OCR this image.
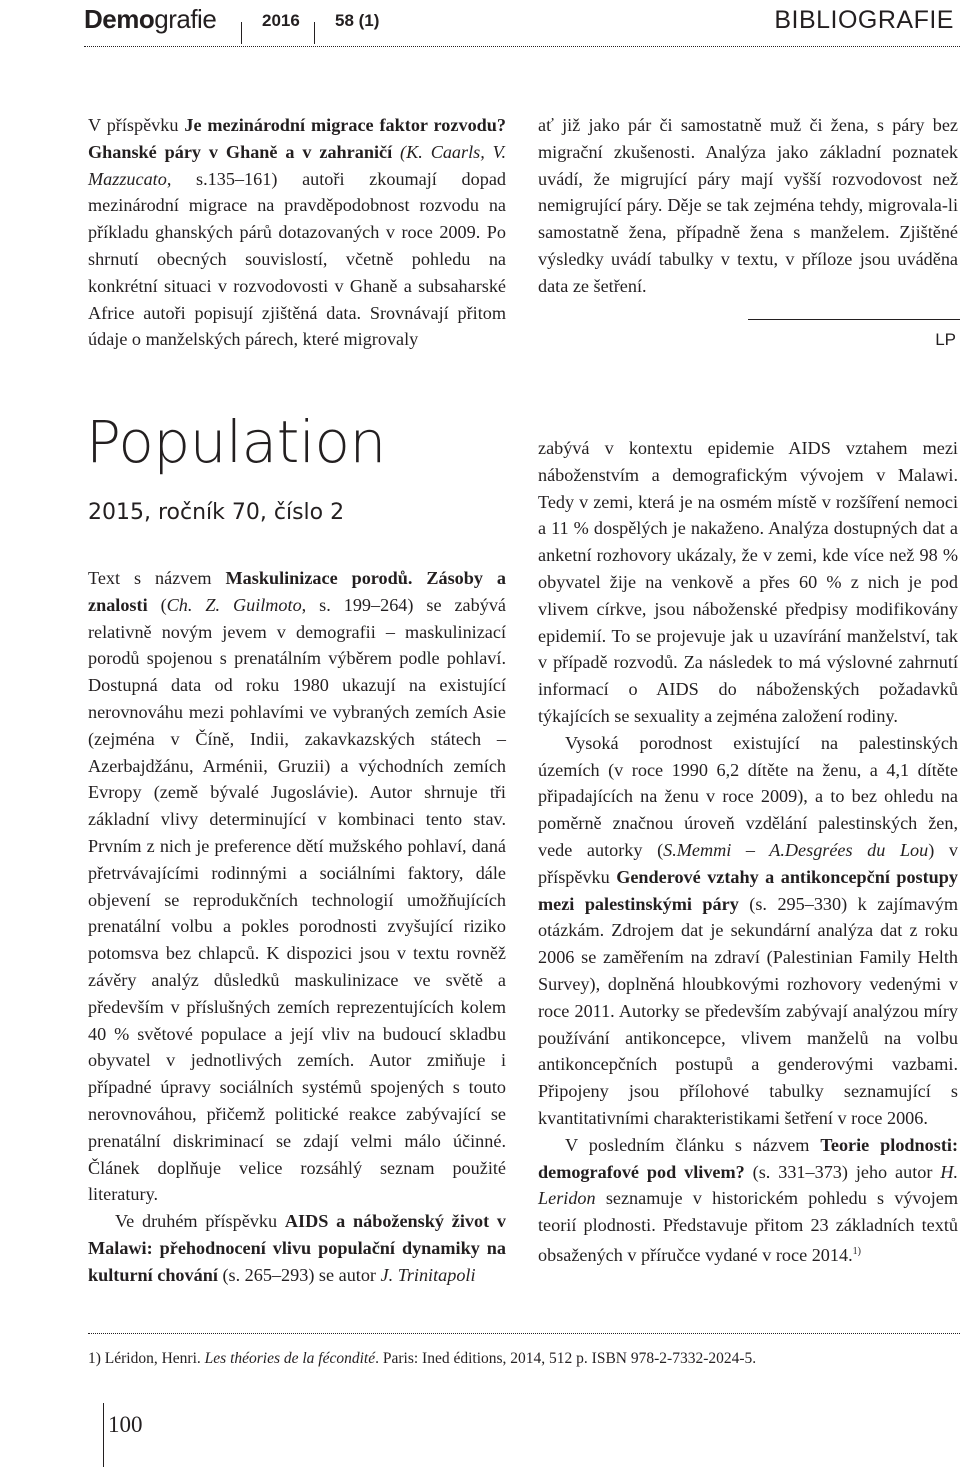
Demografie	2016 58 (1)	BIBLIOGRAFIE

V příspěvku Je mezinárodní migrace faktor rozvodu? Ghanské páry v Ghaně a v zahraničí (K. Caarls, V. Mazzucato, s.135–161) autoři zkoumají dopad mezinárodní migrace na pravděpodobnost rozvodu na příkladu ghanských párů dotazovaných v roce 2009. Po shrnutí obecných souvislostí, včetně pohledu na konkrétní situaci v rozvodovosti v Ghaně a subsaharské Africe autoři popisují zjištěná data. Srovnávají přitom údaje o manželských párech, které migrovaly

ať již jako pár či samostatně muž či žena, s páry bez migrační zkušenosti. Analýza jako základní poznatek uvádí, že migrující páry mají vyšší rozvodovost než nemigrující páry. Děje se tak zejména tehdy, migrovala-li samostatně žena, případně žena s manželem. Zjištěné výsledky uvádí tabulky v textu, v příloze jsou uváděna data ze šetření.

LP
Population
2015, ročník 70, číslo 2

Text s názvem Maskulinizace porodů. Zásoby a znalosti (Ch. Z. Guilmoto, s. 199–264) se zabývá relativně novým jevem v demografii – maskulinizací porodů spojenou s prenatálním výběrem podle pohlaví. Dostupná data od roku 1980 ukazují na existující nerovnováhu mezi pohlavími ve vybraných zemích Asie (zejména v Číně, Indii, zakavkazských státech – Azerbajdžánu, Arménii, Gruzii) a východních zemích Evropy (země bývalé Jugoslávie). Autor shrnuje tři základní vlivy determinující v kombinaci tento stav. Prvním z nich je preference dětí mužského pohlaví, daná přetrvávajícími rodinnými a sociálními faktory, dále objevení se reprodukčních technologií umožňujících prenatální volbu a pokles porodnosti zvyšující riziko potomsva bez chlapců. K dispozici jsou v textu rovněž závěry analýz důsledků maskulinizace ve světě a především v příslušných zemích reprezentujících kolem 40 % světové populace a její vliv na budoucí skladbu obyvatel v jednotlivých zemích. Autor zmiňuje i případné úpravy sociálních systémů spojených s touto nerovnováhou, přičemž politické reakce zabývající se prenatální diskriminací se zdají velmi málo účinné. Článek doplňuje velice rozsáhlý seznam použité literatury.

Ve druhém příspěvku AIDS a náboženský život v Malawi: přehodnocení vlivu populační dynamiky na kulturní chování (s. 265–293) se autor J. Trinitapoli

zabývá v kontextu epidemie AIDS vztahem mezi náboženstvím a demografickým vývojem v Malawi. Tedy v zemi, která je na osmém místě v rozšíření nemoci a 11 % dospělých je nakaženo. Analýza dostupných dat a anketní rozhovory ukázaly, že v zemi, kde více než 98 % obyvatel žije na venkově a přes 60 % z nich je pod vlivem církve, jsou náboženské předpisy modifikovány epidemií. To se projevuje jak u uzavírání manželství, tak v případě rozvodů. Za následek to má výslovné zahrnutí informací o AIDS do náboženských požadavků týkajících se sexuality a zejména založení rodiny.

Vysoká porodnost existující na palestinských územích (v roce 1990 6,2 dítěte na ženu, a 4,1 dítěte připadajících na ženu v roce 2009), a to bez ohledu na poměrně značnou úroveň vzdělání palestinských žen, vede autorky (S.Memmi – A.Desgrées du Lou) v příspěvku Genderové vztahy a antikoncepční postupy mezi palestinskými páry (s. 295–330) k zajímavým otázkám. Zdrojem dat je sekundární analýza dat z roku 2006 se zaměřením na zdraví (Palestinian Family Helth Survey), doplněná hloubkovými rozhovory vedenými v roce 2011. Autorky se především zabývají analýzou míry používání antikoncepce, vlivem manželů na volbu antikoncepčních postupů a genderovými vazbami. Připojeny jsou přílohové tabulky seznamující s kvantitativními charakteristikami šetření v roce 2006.

V posledním článku s názvem Teorie plodnosti: demografové pod vlivem? (s. 331–373) jeho autor H. Leridon seznamuje v historickém pohledu s vývojem teorií plodnosti. Představuje přitom 23 základních textů obsažených v příručce vydané v roce 2014.$^{1)}$

1) Léridon, Henri. Les théories de la fécondité. Paris: Ined éditions, 2014, 512 p. ISBN 978-2-7332-2024-5.
100
